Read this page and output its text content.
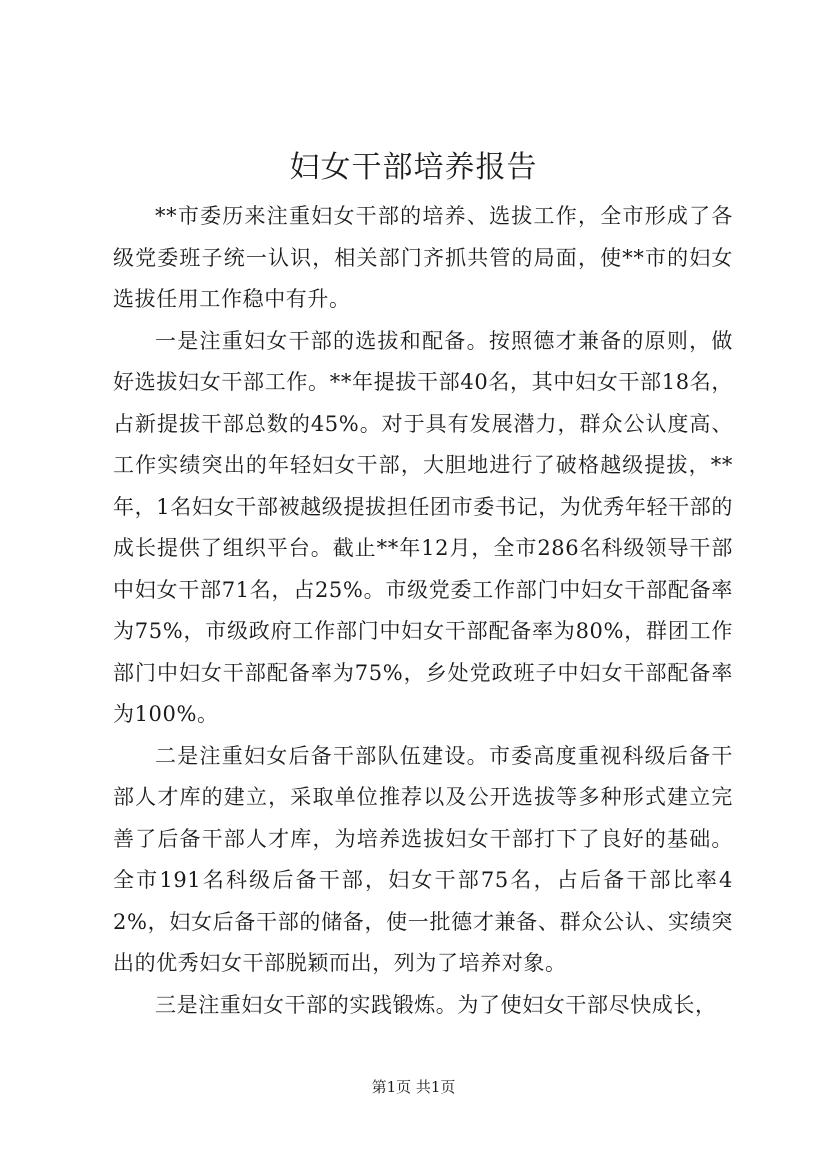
妇女干部培养报告

**市委历来注重妇女干部的培养、选拔工作，全市形成了各级党委班子统一认识，相关部门齐抓共管的局面，使**市的妇女选拔任用工作稳中有升。

一是注重妇女干部的选拔和配备。按照德才兼备的原则，做好选拔妇女干部工作。**年提拔干部40名，其中妇女干部18名，占新提拔干部总数的45%。对于具有发展潜力，群众公认度高、工作实绩突出的年轻妇女干部，大胆地进行了破格越级提拔，**年，1名妇女干部被越级提拔担任团市委书记，为优秀年轻干部的成长提供了组织平台。截止**年12月，全市286名科级领导干部中妇女干部71名，占25%。市级党委工作部门中妇女干部配备率为75%，市级政府工作部门中妇女干部配备率为80%，群团工作部门中妇女干部配备率为75%，乡处党政班子中妇女干部配备率为100%。

二是注重妇女后备干部队伍建设。市委高度重视科级后备干部人才库的建立，采取单位推荐以及公开选拔等多种形式建立完善了后备干部人才库，为培养选拔妇女干部打下了良好的基础。全市191名科级后备干部，妇女干部75名，占后备干部比率42%，妇女后备干部的储备，使一批德才兼备、群众公认、实绩突出的优秀妇女干部脱颖而出，列为了培养对象。

三是注重妇女干部的实践锻炼。为了使妇女干部尽快成长，

第1页 共1页
